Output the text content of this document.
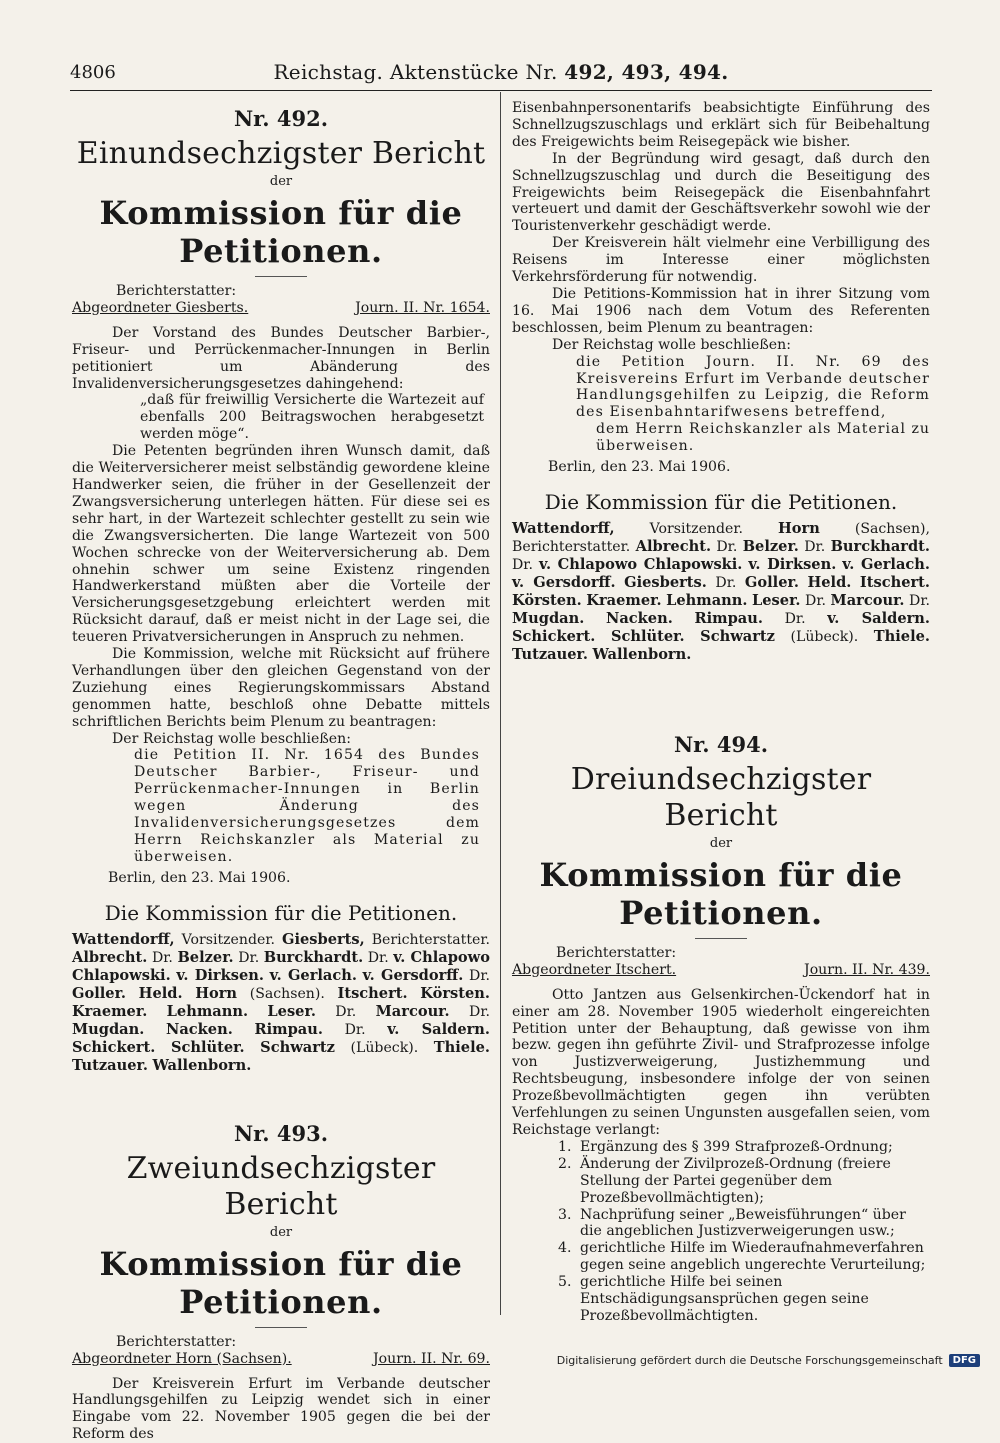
4806	Reichstag. Aktenstücke Nr. 492, 493, 494.
Nr. 492.
Einundsechzigster Bericht
der
Kommission für die Petitionen.
Berichterstatter:
Abgeordneter Giesberts.	Journ. II. Nr. 1654.

Der Vorstand des Bundes Deutscher Barbier-, Friseur- und Perrückenmacher-Innungen in Berlin petitioniert um Abänderung des Invalidenversicherungsgesetzes dahingehend:

„daß für freiwillig Versicherte die Wartezeit auf ebenfalls 200 Beitragswochen herabgesetzt werden möge“.

Die Petenten begründen ihren Wunsch damit, daß die Weiterversicherer meist selbständig gewordene kleine Handwerker seien, die früher in der Gesellenzeit der Zwangsversicherung unterlegen hätten. Für diese sei es sehr hart, in der Wartezeit schlechter gestellt zu sein wie die Zwangsversicherten. Die lange Wartezeit von 500 Wochen schrecke von der Weiterversicherung ab. Dem ohnehin schwer um seine Existenz ringenden Handwerkerstand müßten aber die Vorteile der Versicherungsgesetzgebung erleichtert werden mit Rücksicht darauf, daß er meist nicht in der Lage sei, die teueren Privatversicherungen in Anspruch zu nehmen.

Die Kommission, welche mit Rücksicht auf frühere Verhandlungen über den gleichen Gegenstand von der Zuziehung eines Regierungskommissars Abstand genommen hatte, beschloß ohne Debatte mittels schriftlichen Berichts beim Plenum zu beantragen:

Der Reichstag wolle beschließen:

die Petition II. Nr. 1654 des Bundes Deutscher Barbier-, Friseur- und Perrückenmacher-Innungen in Berlin wegen Änderung des Invalidenversicherungsgesetzes dem Herrn Reichskanzler als Material zu überweisen.

Berlin, den 23. Mai 1906.

Die Kommission für die Petitionen.
Wattendorff, Vorsitzender. Giesberts, Berichterstatter. Albrecht. Dr. Belzer. Dr. Burckhardt. Dr. v. Chlapowo Chlapowski. v. Dirksen. v. Gerlach. v. Gersdorff. Dr. Goller. Held. Horn (Sachsen). Itschert. Körsten. Kraemer. Lehmann. Leser. Dr. Marcour. Dr. Mugdan. Nacken. Rimpau. Dr. v. Saldern. Schickert. Schlüter. Schwartz (Lübeck). Thiele. Tutzauer. Wallenborn.
Nr. 493.
Zweiundsechzigster Bericht
der
Kommission für die Petitionen.
Berichterstatter:
Abgeordneter Horn (Sachsen).	Journ. II. Nr. 69.

Der Kreisverein Erfurt im Verbande deutscher Handlungsgehilfen zu Leipzig wendet sich in einer Eingabe vom 22. November 1905 gegen die bei der Reform des

Eisenbahnpersonentarifs beabsichtigte Einführung des Schnellzugszuschlags und erklärt sich für Beibehaltung des Freigewichts beim Reisegepäck wie bisher.

In der Begründung wird gesagt, daß durch den Schnellzugszuschlag und durch die Beseitigung des Freigewichts beim Reisegepäck die Eisenbahnfahrt verteuert und damit der Geschäftsverkehr sowohl wie der Touristenverkehr geschädigt werde.

Der Kreisverein hält vielmehr eine Verbilligung des Reisens im Interesse einer möglichsten Verkehrsförderung für notwendig.

Die Petitions-Kommission hat in ihrer Sitzung vom 16. Mai 1906 nach dem Votum des Referenten beschlossen, beim Plenum zu beantragen:

Der Reichstag wolle beschließen:

die Petition Journ. II. Nr. 69 des Kreisvereins Erfurt im Verbande deutscher Handlungsgehilfen zu Leipzig, die Reform des Eisenbahntarifwesens betreffend,

dem Herrn Reichskanzler als Material zu überweisen.

Berlin, den 23. Mai 1906.

Die Kommission für die Petitionen.
Wattendorff, Vorsitzender. Horn (Sachsen), Berichterstatter. Albrecht. Dr. Belzer. Dr. Burckhardt. Dr. v. Chlapowo Chlapowski. v. Dirksen. v. Gerlach. v. Gersdorff. Giesberts. Dr. Goller. Held. Itschert. Körsten. Kraemer. Lehmann. Leser. Dr. Marcour. Dr. Mugdan. Nacken. Rimpau. Dr. v. Saldern. Schickert. Schlüter. Schwartz (Lübeck). Thiele. Tutzauer. Wallenborn.
Nr. 494.
Dreiundsechzigster Bericht
der
Kommission für die Petitionen.
Berichterstatter:
Abgeordneter Itschert.	Journ. II. Nr. 439.

Otto Jantzen aus Gelsenkirchen-Ückendorf hat in einer am 28. November 1905 wiederholt eingereichten Petition unter der Behauptung, daß gewisse von ihm bezw. gegen ihn geführte Zivil- und Strafprozesse infolge von Justizverweigerung, Justizhemmung und Rechtsbeugung, insbesondere infolge der von seinen Prozeßbevollmächtigten gegen ihn verübten Verfehlungen zu seinen Ungunsten ausgefallen seien, vom Reichstage verlangt:

1. Ergänzung des § 399 Strafprozeß-Ordnung;
2. Änderung der Zivilprozeß-Ordnung (freiere Stellung der Partei gegenüber dem Prozeßbevollmächtigten);
3. Nachprüfung seiner „Beweisführungen“ über die angeblichen Justizverweigerungen usw.;
4. gerichtliche Hilfe im Wiederaufnahmeverfahren gegen seine angeblich ungerechte Verurteilung;
5. gerichtliche Hilfe bei seinen Entschädigungsansprüchen gegen seine Prozeßbevollmächtigten.
Digitalisierung gefördert durch die Deutsche Forschungsgemeinschaft	DFG
